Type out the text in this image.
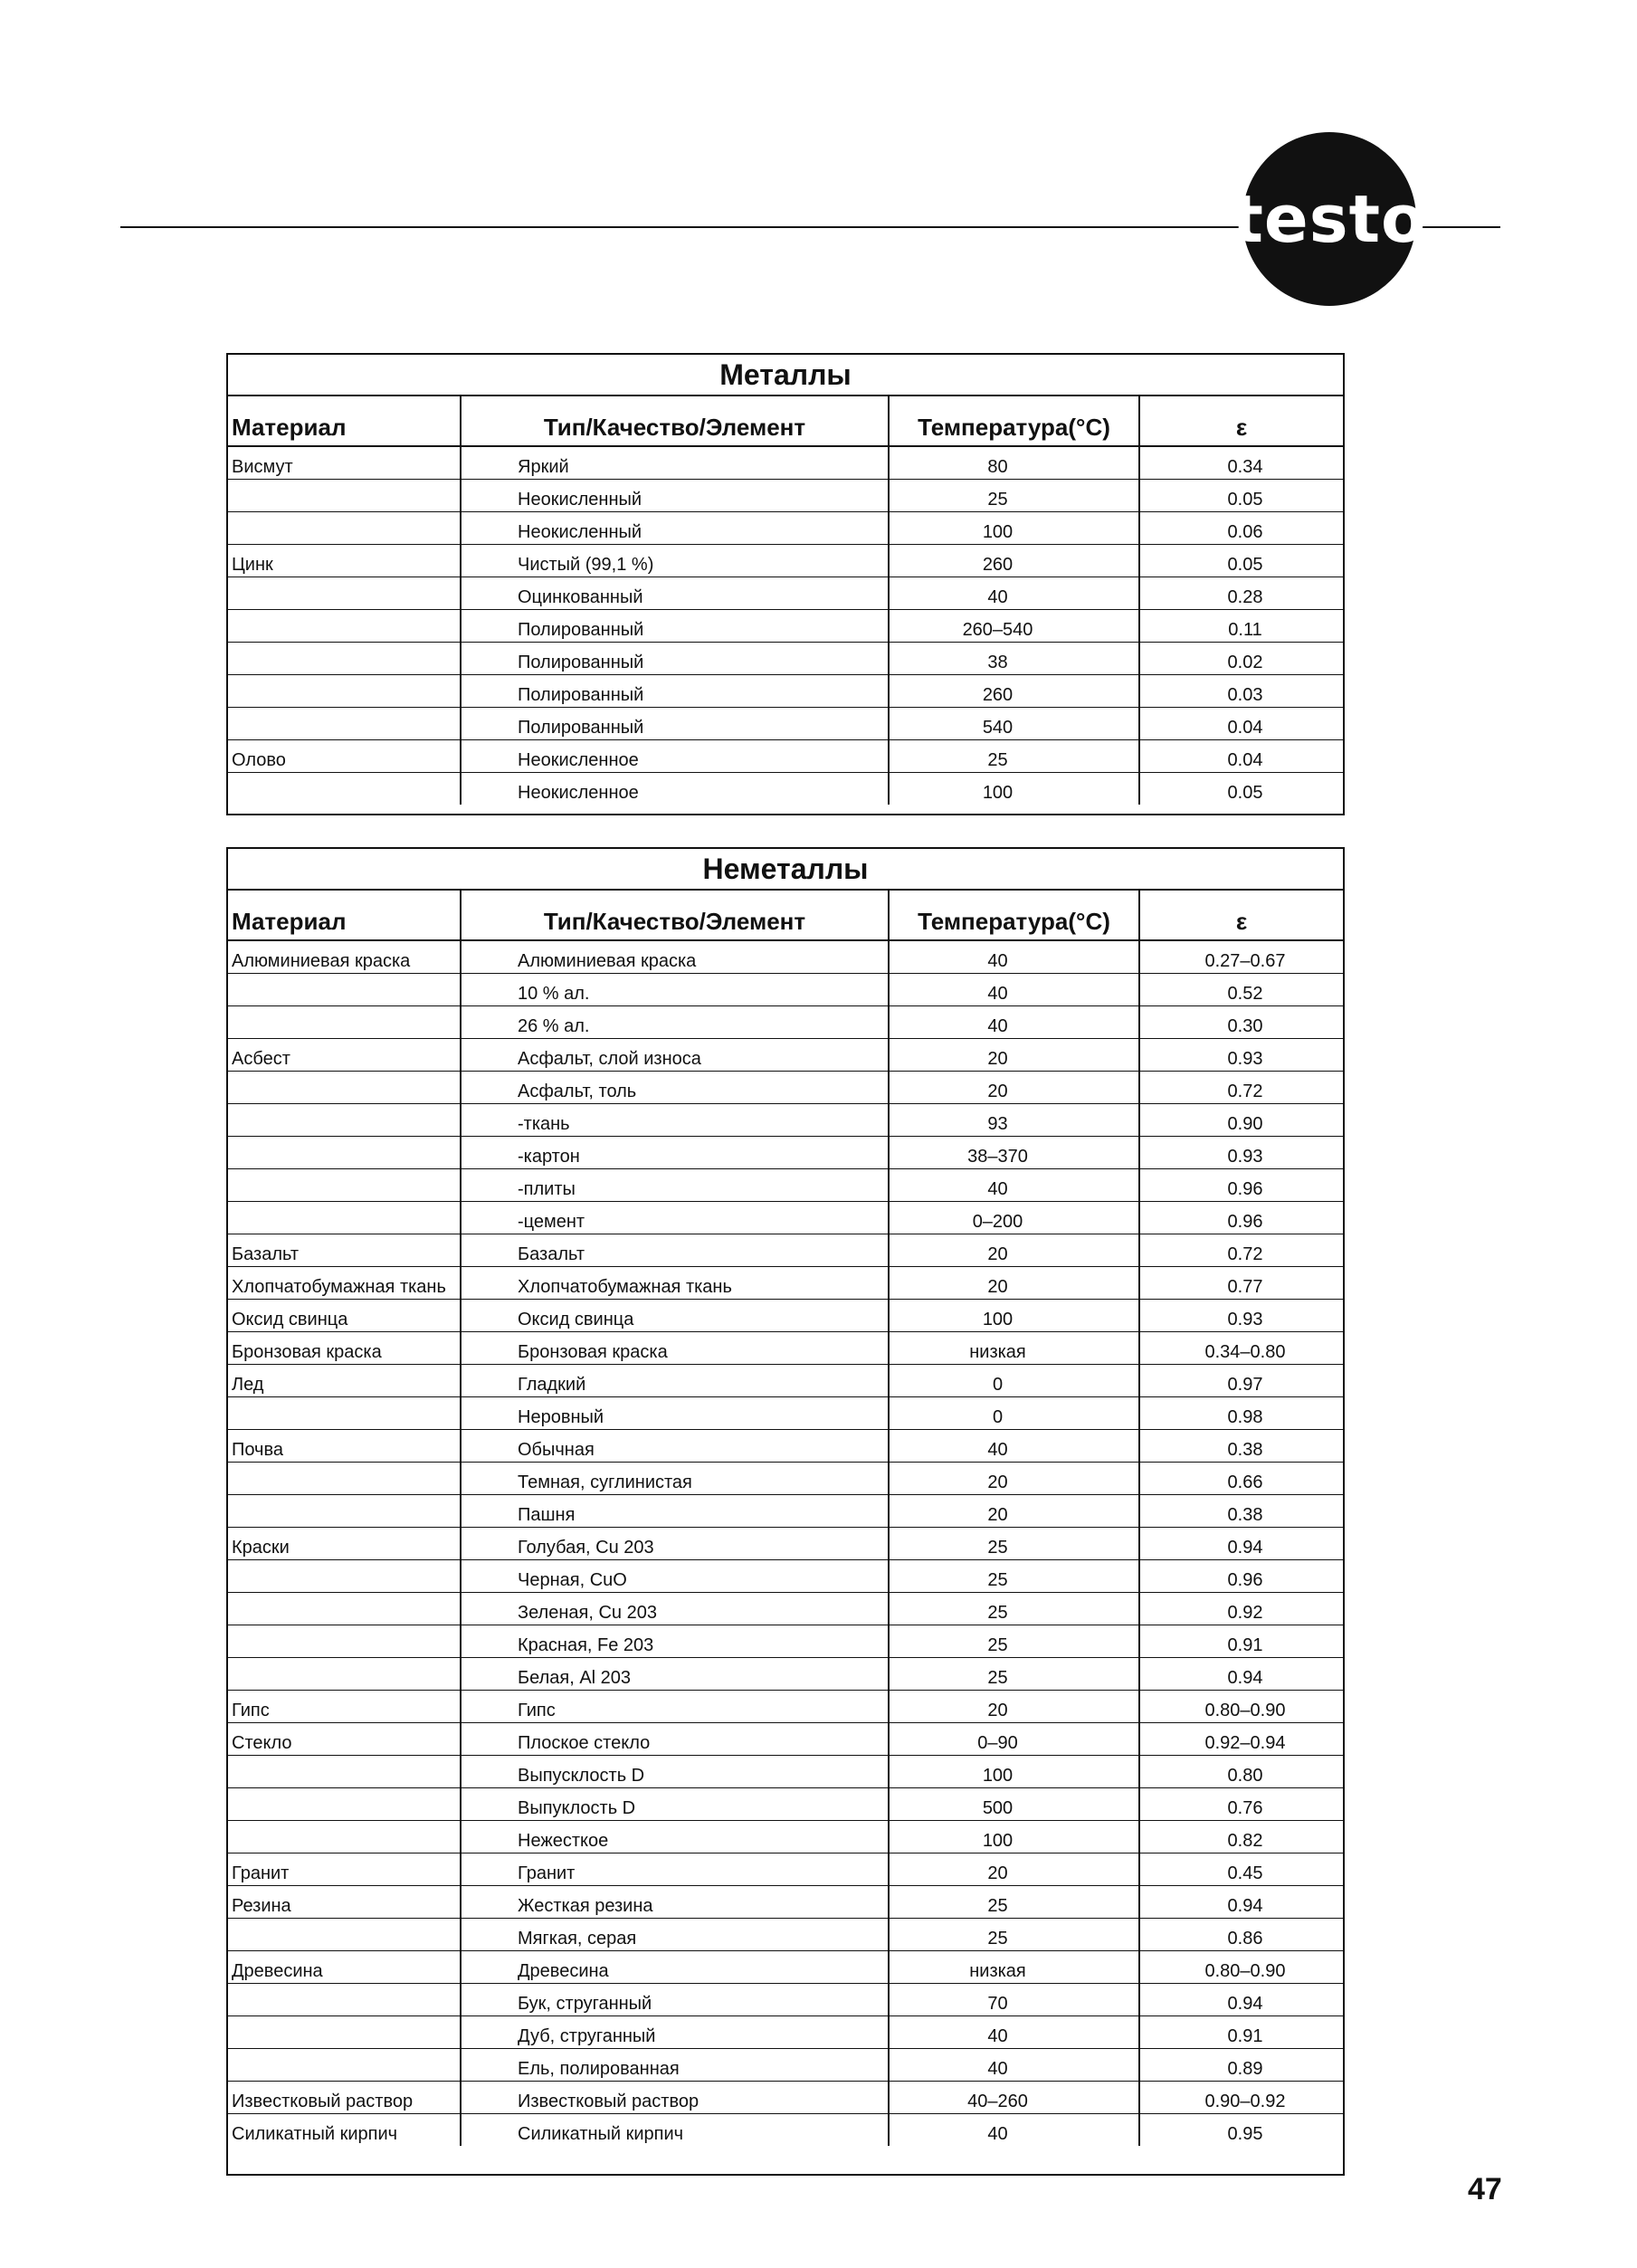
testo
Металлы
Материал	Тип/Качество/Элемент	Температура(°С)	ε
Висмут	Яркий	80	0.34
	Неокисленный	25	0.05
	Неокисленный	100	0.06
Цинк	Чистый (99,1 %)	260	0.05
	Оцинкованный	40	0.28
	Полированный	260–540	0.11
	Полированный	38	0.02
	Полированный	260	0.03
	Полированный	540	0.04
Олово	Неокисленное	25	0.04
	Неокисленное	100	0.05
Неметаллы
Материал	Тип/Качество/Элемент	Температура(°С)	ε
Алюминиевая краска	Алюминиевая краска	40	0.27–0.67
	10 % ал.	40	0.52
	26 % ал.	40	0.30
Асбест	Асфальт, слой износа	20	0.93
	Асфальт, толь	20	0.72
	-ткань	93	0.90
	-картон	38–370	0.93
	-плиты	40	0.96
	-цемент	0–200	0.96
Базальт	Базальт	20	0.72
Хлопчатобумажная ткань	Хлопчатобумажная ткань	20	0.77
Оксид свинца	Оксид свинца	100	0.93
Бронзовая краска	Бронзовая краска	низкая	0.34–0.80
Лед	Гладкий	0	0.97
	Неровный	0	0.98
Почва	Обычная	40	0.38
	Темная, суглинистая	20	0.66
	Пашня	20	0.38
Краски	Голубая, Cu 203	25	0.94
	Черная, CuO	25	0.96
	Зеленая, Cu 203	25	0.92
	Красная, Fe 203	25	0.91
	Белая, Al 203	25	0.94
Гипс	Гипс	20	0.80–0.90
Стекло	Плоское стекло	0–90	0.92–0.94
	Выпуcклость D	100	0.80
	Выпуклость D	500	0.76
	Нежесткое	100	0.82
Гранит	Гранит	20	0.45
Резина	Жесткая резина	25	0.94
	Мягкая, серая	25	0.86
Древесина	Древесина	низкая	0.80–0.90
	Бук, струганный	70	0.94
	Дуб, струганный	40	0.91
	Ель, полированная	40	0.89
Известковый раствор	Известковый раствор	40–260	0.90–0.92
Силикатный кирпич	Силикатный кирпич	40	0.95
47
